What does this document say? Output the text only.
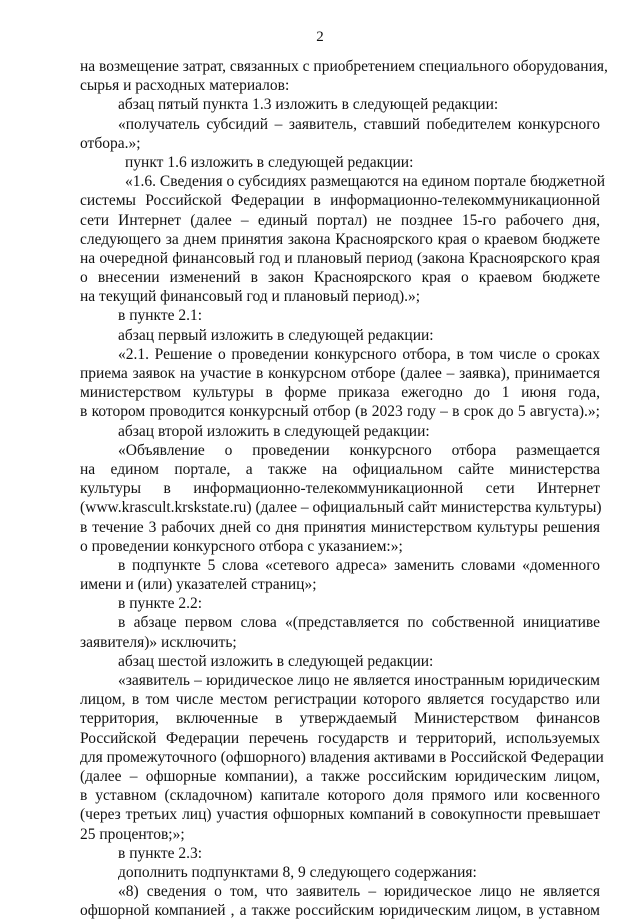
2
на возмещение затрат, связанных с приобретением специального оборудования,
сырья и расходных материалов:
абзац пятый пункта 1.3 изложить в следующей редакции:
«получатель субсидий – заявитель, ставший победителем конкурсного
отбора.»;
пункт 1.6 изложить в следующей редакции:
«1.6. Сведения о субсидиях размещаются на едином портале бюджетной
системы Российской Федерации в информационно-телекоммуникационной
сети Интернет (далее – единый портал) не позднее 15-го рабочего дня,
следующего за днем принятия закона Красноярского края о краевом бюджете
на очередной финансовый год и плановый период (закона Красноярского края
о внесении изменений в закон Красноярского края о краевом бюджете
на текущий финансовый год и плановый период).»;
в пункте 2.1:
абзац первый изложить в следующей редакции:
«2.1. Решение о проведении конкурсного отбора, в том числе о сроках
приема заявок на участие в конкурсном отборе (далее – заявка), принимается
министерством культуры в форме приказа ежегодно до 1 июня года,
в котором проводится конкурсный отбор (в 2023 году – в срок до 5 августа).»;
абзац второй изложить в следующей редакции:
«Объявление о проведении конкурсного отбора размещается
на едином портале, а также на официальном сайте министерства
культуры в информационно-телекоммуникационной сети Интернет
(www.krascult.krskstate.ru) (далее – официальный сайт министерства культуры)
в течение 3 рабочих дней со дня принятия министерством культуры решения
о проведении конкурсного отбора с указанием:»;
в подпункте 5 слова «сетевого адреса» заменить словами «доменного
имени и (или) указателей страниц»;
в пункте 2.2:
в абзаце первом слова «(представляется по собственной инициативе
заявителя)» исключить;
абзац шестой изложить в следующей редакции:
«заявитель – юридическое лицо не является иностранным юридическим
лицом, в том числе местом регистрации которого является государство или
территория, включенные в утверждаемый Министерством финансов
Российской Федерации перечень государств и территорий, используемых
для промежуточного (офшорного) владения активами в Российской Федерации
(далее – офшорные компании), а также российским юридическим лицом,
в уставном (складочном) капитале которого доля прямого или косвенного
(через третьих лиц) участия офшорных компаний в совокупности превышает
25 процентов;»;
в пункте 2.3:
дополнить подпунктами 8, 9 следующего содержания:
«8) сведения о том, что заявитель – юридическое лицо не является
офшорной компанией , а также российским юридическим лицом, в уставном
